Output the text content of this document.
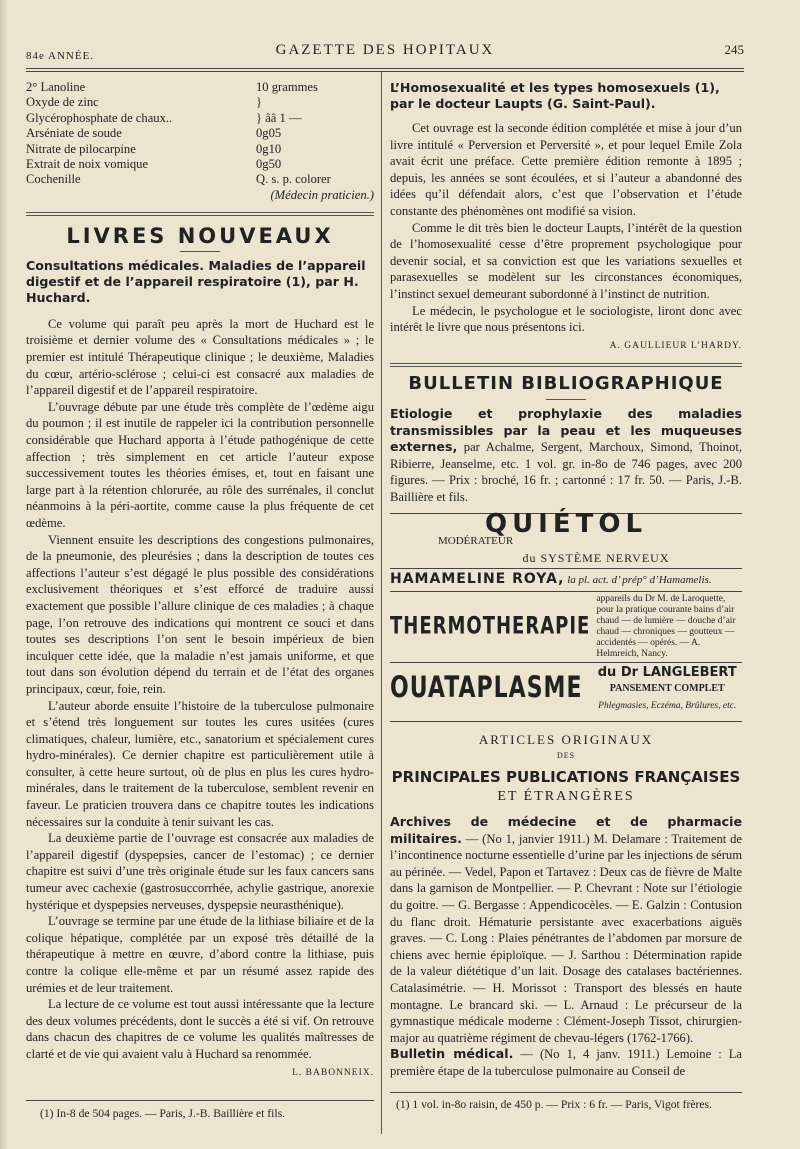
84e ANNÉE.	GAZETTE DES HOPITAUX	245
2° Lanoline	10 grammes
Oxyde de zinc	}
Glycérophosphate de chaux..	} ââ 1 —
Arséniate de soude	0g05
Nitrate de pilocarpine	0g10
Extrait de noix vomique	0g50
Cochenille	Q. s. p. colorer
(Médecin praticien.)
LIVRES NOUVEAUX
Consultations médicales. Maladies de l’appareil digestif et de l’appareil respiratoire (1), par H. Huchard.

Ce volume qui paraît peu après la mort de Huchard est le troisième et dernier volume des « Consultations médicales » ; le premier est intitulé Thérapeutique clinique ; le deuxième, Maladies du cœur, artério-sclérose ; celui-ci est consacré aux maladies de l’appareil digestif et de l’appareil respiratoire.

L’ouvrage débute par une étude très complète de l’œdème aigu du poumon ; il est inutile de rappeler ici la contribution personnelle considérable que Huchard apporta à l’étude pathogénique de cette affection ; très simplement en cet article l’auteur expose successivement toutes les théories émises, et, tout en faisant une large part à la rétention chlorurée, au rôle des surrénales, il conclut néanmoins à la péri-aortite, comme cause la plus fréquente de cet œdème.

Viennent ensuite les descriptions des congestions pulmonaires, de la pneumonie, des pleurésies ; dans la description de toutes ces affections l’auteur s’est dégagé le plus possible des considérations exclusivement théoriques et s’est efforcé de traduire aussi exactement que possible l’allure clinique de ces maladies ; à chaque page, l’on retrouve des indications qui montrent ce souci et dans toutes ses descriptions l’on sent le besoin impérieux de bien inculquer cette idée, que la maladie n’est jamais uniforme, et que tout dans son évolution dépend du terrain et de l’état des organes principaux, cœur, foie, rein.

L’auteur aborde ensuite l’histoire de la tuberculose pulmonaire et s’étend très longuement sur toutes les cures usitées (cures climatiques, chaleur, lumière, etc., sanatorium et spécialement cures hydro-minérales). Ce dernier chapitre est particulièrement utile à consulter, à cette heure surtout, où de plus en plus les cures hydro-minérales, dans le traitement de la tuberculose, semblent revenir en faveur. Le praticien trouvera dans ce chapitre toutes les indications nécessaires sur la conduite à tenir suivant les cas.

La deuxième partie de l’ouvrage est consacrée aux maladies de l’appareil digestif (dyspepsies, cancer de l’estomac) ; ce dernier chapitre est suivi d’une très originale étude sur les faux cancers sans tumeur avec cachexie (gastrosuccorrhée, achylie gastrique, anorexie hystérique et dyspepsies nerveuses, dyspepsie neurasthénique).

L’ouvrage se termine par une étude de la lithiase biliaire et de la colique hépatique, complétée par un exposé très détaillé de la thérapeutique à mettre en œuvre, d’abord contre la lithiase, puis contre la colique elle-même et par un résumé assez rapide des urémies et de leur traitement.

La lecture de ce volume est tout aussi intéressante que la lecture des deux volumes précédents, dont le succès a été si vif. On retrouve dans chacun des chapitres de ce volume les qualités maîtresses de clarté et de vie qui avaient valu à Huchard sa renommée.

L. BABONNEIX.
(1) In-8 de 504 pages. — Paris, J.-B. Baillière et fils.
L’Homosexualité et les types homosexuels (1), par le docteur Laupts (G. Saint-Paul).

Cet ouvrage est la seconde édition complétée et mise à jour d’un livre intitulé « Perversion et Perversité », et pour lequel Emile Zola avait écrit une préface. Cette première édition remonte à 1895 ; depuis, les années se sont écoulées, et si l’auteur a abandonné des idées qu’il défendait alors, c’est que l’observation et l’étude constante des phénomènes ont modifié sa vision.

Comme le dit très bien le docteur Laupts, l’intérêt de la question de l’homosexualité cesse d’être proprement psychologique pour devenir social, et sa conviction est que les variations sexuelles et parasexuelles se modèlent sur les circonstances économiques, l’instinct sexuel demeurant subordonné à l’instinct de nutrition.

Le médecin, le psychologue et le sociologiste, liront donc avec intérêt le livre que nous présentons ici.

A. GAULLIEUR L’HARDY.
BULLETIN BIBLIOGRAPHIQUE

Etiologie et prophylaxie des maladies transmissibles par la peau et les muqueuses externes, par Achalme, Sergent, Marchoux, Simond, Thoinot, Ribierre, Jeanselme, etc. 1 vol. gr. in-8o de 746 pages, avec 200 figures. — Prix : broché, 16 fr. ; cartonné : 17 fr. 50. — Paris, J.-B. Baillière et fils.

QUIÉTOL
MODÉRATEUR
du SYSTÈME NERVEUX
HAMAMELINE ROYA, la pl. act. d’ prép° d’Hamamelis.
THERMOTHERAPIE
appareils du Dr M. de Laroquette, pour la pratique courante bains d’air chaud — de lumière — douche d’air chaud — chroniques — goutteux — accidentés — opérés. — A. Helmreich, Nancy.
OUATAPLASME	du Dr LANGLEBERT
PANSEMENT COMPLET
Phlegmasies, Eczéma, Brûlures, etc.
ARTICLES ORIGINAUX
DES
PRINCIPALES PUBLICATIONS FRANÇAISES
ET ÉTRANGÈRES

Archives de médecine et de pharmacie militaires. — (No 1, janvier 1911.) M. Delamare : Traitement de l’incontinence nocturne essentielle d’urine par les injections de sérum au périnée. — Vedel, Papon et Tartavez : Deux cas de fièvre de Malte dans la garnison de Montpellier. — P. Chevrant : Note sur l’étiologie du goitre. — G. Bergasse : Appendicocèles. — E. Galzin : Contusion du flanc droit. Hématurie persistante avec exacerbations aiguës graves. — C. Long : Plaies pénétrantes de l’abdomen par morsure de chiens avec hernie épiploïque. — J. Sarthou : Détermination rapide de la valeur diététique d’un lait. Dosage des catalases bactériennes. Catalasimétrie. — H. Morissot : Transport des blessés en haute montagne. Le brancard ski. — L. Arnaud : Le précurseur de la gymnastique médicale moderne : Clément-Joseph Tissot, chirurgien-major au quatrième régiment de chevau-légers (1762-1766).

Bulletin médical. — (No 1, 4 janv. 1911.) Lemoine : La première étape de la tuberculose pulmonaire au Conseil de

(1) 1 vol. in-8o raisin, de 450 p. — Prix : 6 fr. — Paris, Vigot frères.
